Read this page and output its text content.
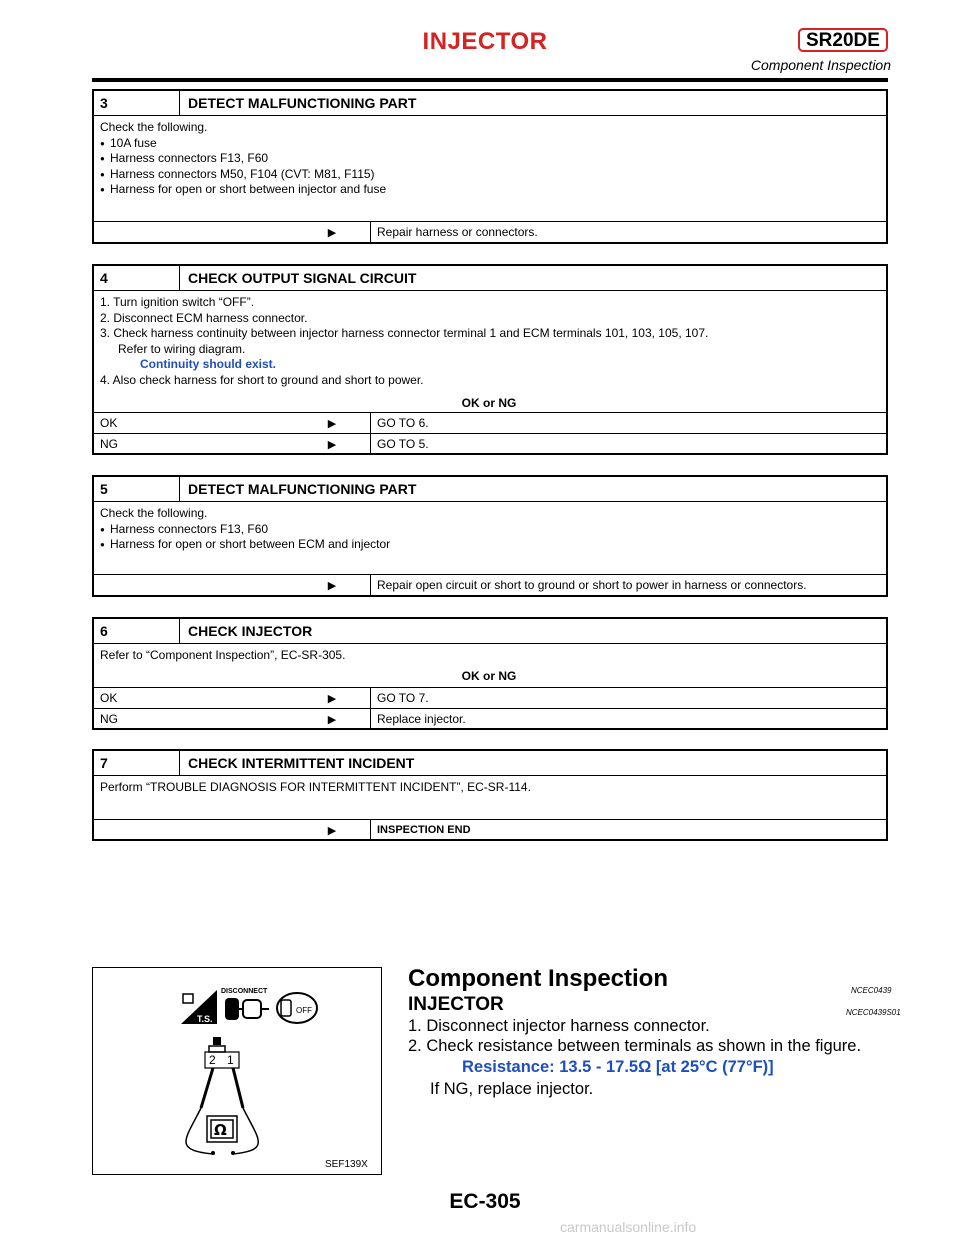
INJECTOR	SR20DE
Component Inspection
3	DETECT MALFUNCTIONING PART
Check the following.
● 10A fuse
● Harness connectors F13, F60
● Harness connectors M50, F104 (CVT: M81, F115)
● Harness for open or short between injector and fuse
▶	Repair harness or connectors.
4	CHECK OUTPUT SIGNAL CIRCUIT
1. Turn ignition switch “OFF”.
2. Disconnect ECM harness connector.
3. Check harness continuity between injector harness connector terminal 1 and ECM terminals 101, 103, 105, 107.
Refer to wiring diagram.
Continuity should exist.
4. Also check harness for short to ground and short to power.
OK or NG
OK	▶	GO TO 6.
NG	▶	GO TO 5.
5	DETECT MALFUNCTIONING PART
Check the following.
● Harness connectors F13, F60
● Harness for open or short between ECM and injector
▶	Repair open circuit or short to ground or short to power in harness or connectors.
6	CHECK INJECTOR
Refer to “Component Inspection”, EC-SR-305.
OK or NG
OK	▶	GO TO 7.
NG	▶	Replace injector.
7	CHECK INTERMITTENT INCIDENT
Perform “TROUBLE DIAGNOSIS FOR INTERMITTENT INCIDENT”, EC-SR-114.
▶	INSPECTION END
T.S.
DISCONNECT
OFF
2 1
Ω
SEF139X
Component Inspection	NCEC0439
INJECTOR	NCEC0439S01
1. Disconnect injector harness connector.
2. Check resistance between terminals as shown in the figure.
Resistance: 13.5 - 17.5Ω [at 25°C (77°F)]
If NG, replace injector.
EC-305
carmanualsonline.info
